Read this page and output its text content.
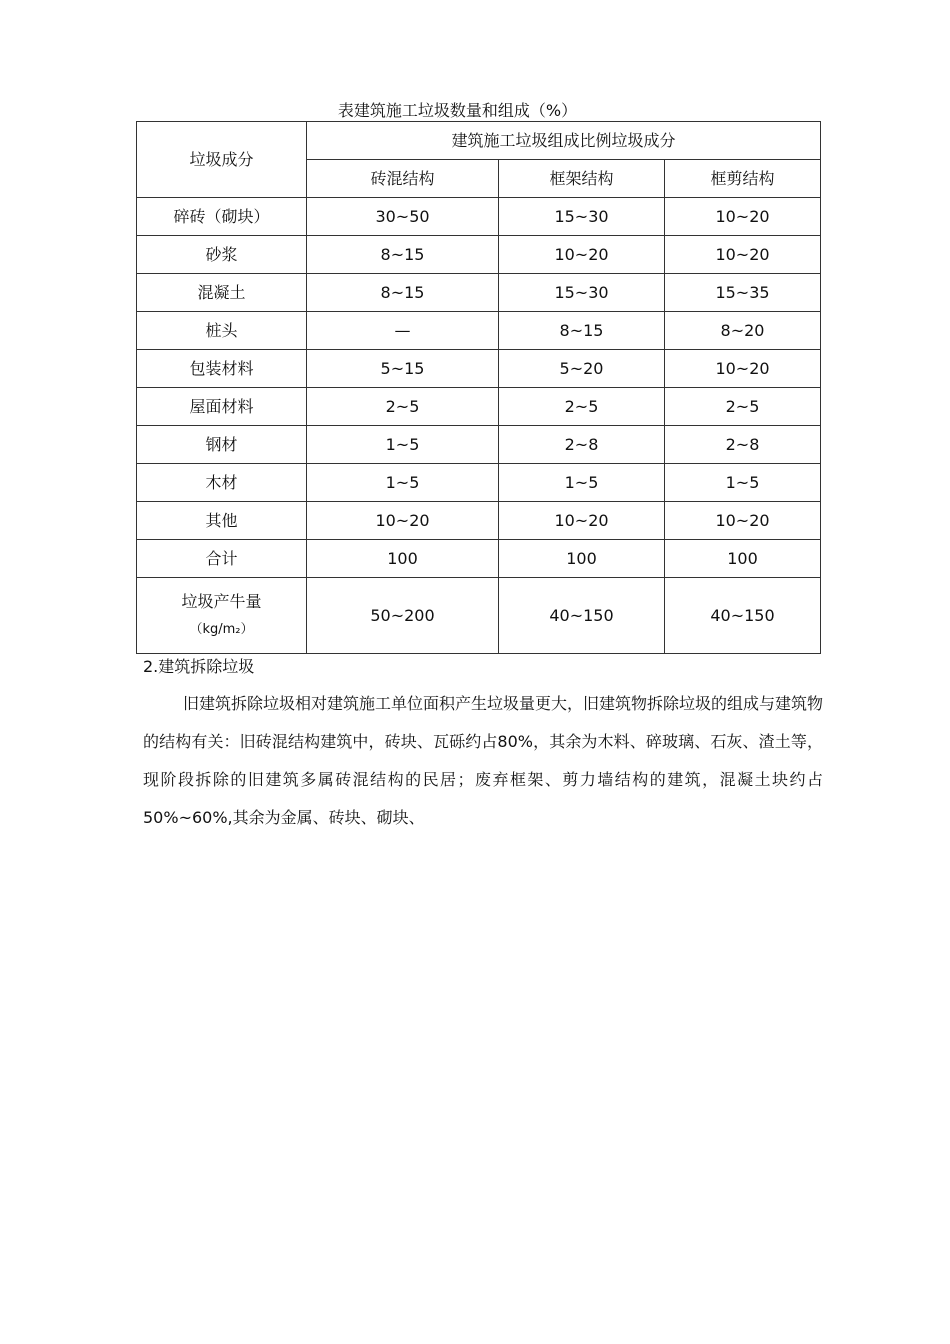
表建筑施工垃圾数量和组成（%）
垃圾成分	建筑施工垃圾组成比例垃圾成分		
	砖混结构	框架结构	框剪结构
碎砖（砌块）	30~50	15~30	10~20
砂浆	8~15	10~20	10~20
混凝土	8~15	15~30	15~35
桩头	—	8~15	8~20
包装材料	5~15	5~20	10~20
屋面材料	2~5	2~5	2~5
钢材	1~5	2~8	2~8
木材	1~5	1~5	1~5
其他	10~20	10~20	10~20
合计	100	100	100

垃圾产牛量
（kg/m₂）	50~200	40~150	40~150
2.建筑拆除垃圾

旧建筑拆除垃圾相对建筑施工单位面积产生垃圾量更大，旧建筑物拆除垃圾的组成与建筑物的结构有关：旧砖混结构建筑中，砖块、瓦砾约占80%，其余为木料、碎玻璃、石灰、渣土等，现阶段拆除的旧建筑多属砖混结构的民居；废弃框架、剪力墙结构的建筑，混凝土块约占50%~60%,其余为金属、砖块、砌块、
